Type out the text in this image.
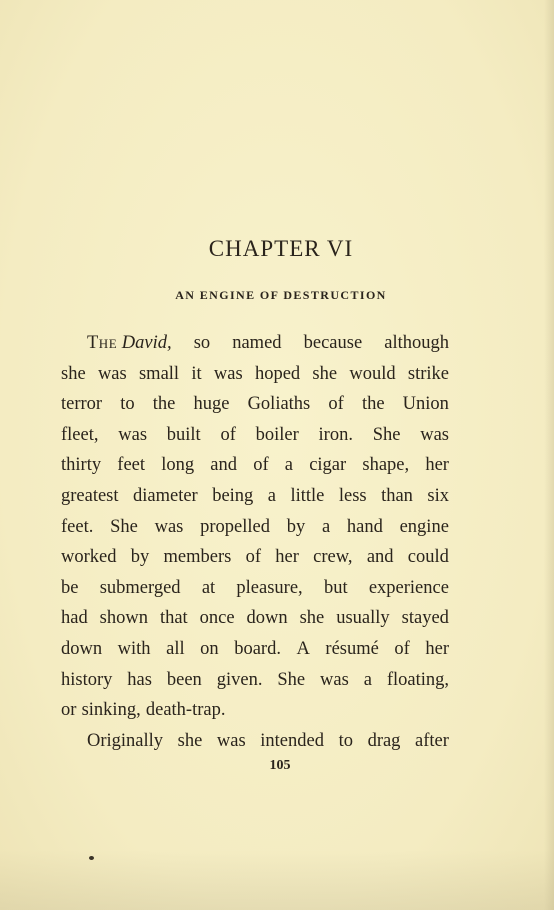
CHAPTER VI
AN ENGINE OF DESTRUCTION
The David, so named because although
she was small it was hoped she would strike
terror to the huge Goliaths of the Union
fleet, was built of boiler iron. She was
thirty feet long and of a cigar shape, her
greatest diameter being a little less than six
feet. She was propelled by a hand engine
worked by members of her crew, and could
be submerged at pleasure, but experience
had shown that once down she usually stayed
down with all on board. A résumé of her
history has been given. She was a floating,
or sinking, death-trap.
Originally she was intended to drag after
105
